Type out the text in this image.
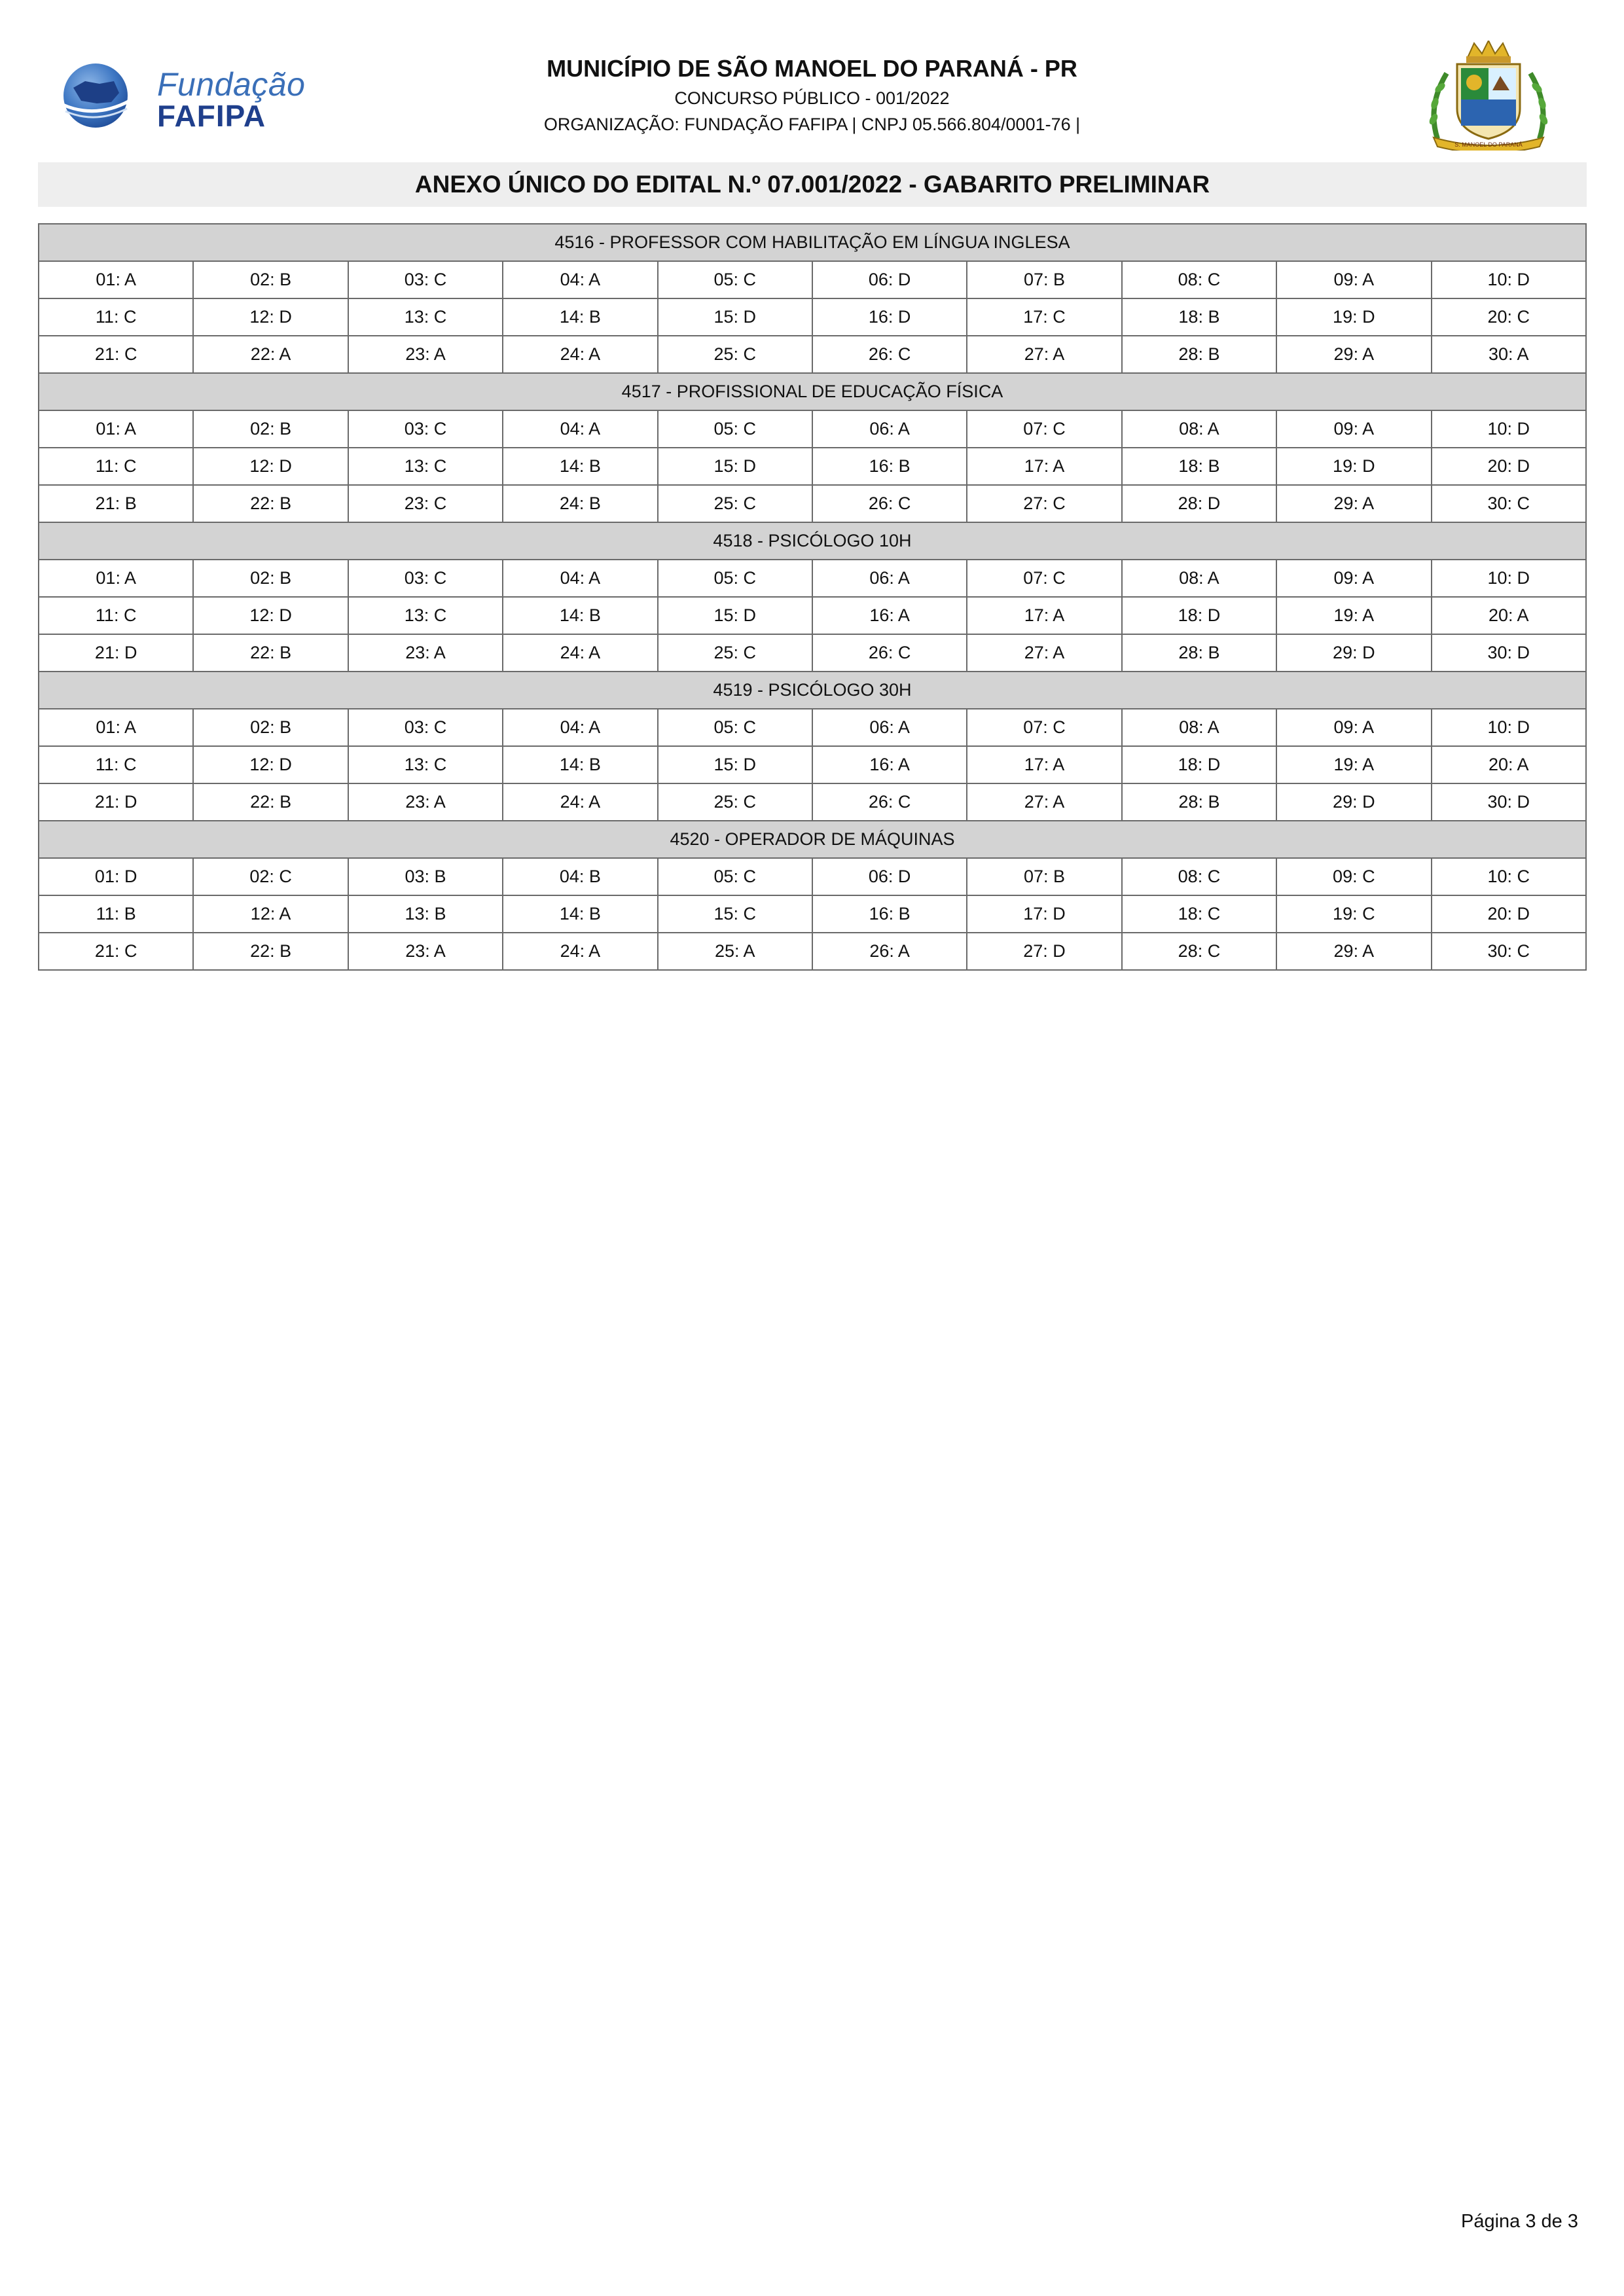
Fundação
FAFIPA

MUNICÍPIO DE SÃO MANOEL DO PARANÁ - PR

CONCURSO PÚBLICO - 001/2022

ORGANIZAÇÃO: FUNDAÇÃO FAFIPA | CNPJ 05.566.804/0001-76 |

S. MANOEL DO PARANÁ
ANEXO ÚNICO DO EDITAL N.º 07.001/2022 - GABARITO PRELIMINAR
4516 - PROFESSOR COM HABILITAÇÃO EM LÍNGUA INGLESA									
01: A	02: B	03: C	04: A	05: C	06: D	07: B	08: C	09: A	10: D
11: C	12: D	13: C	14: B	15: D	16: D	17: C	18: B	19: D	20: C
21: C	22: A	23: A	24: A	25: C	26: C	27: A	28: B	29: A	30: A
4517 - PROFISSIONAL DE EDUCAÇÃO FÍSICA									
01: A	02: B	03: C	04: A	05: C	06: A	07: C	08: A	09: A	10: D
11: C	12: D	13: C	14: B	15: D	16: B	17: A	18: B	19: D	20: D
21: B	22: B	23: C	24: B	25: C	26: C	27: C	28: D	29: A	30: C
4518 - PSICÓLOGO 10H									
01: A	02: B	03: C	04: A	05: C	06: A	07: C	08: A	09: A	10: D
11: C	12: D	13: C	14: B	15: D	16: A	17: A	18: D	19: A	20: A
21: D	22: B	23: A	24: A	25: C	26: C	27: A	28: B	29: D	30: D
4519 - PSICÓLOGO 30H									
01: A	02: B	03: C	04: A	05: C	06: A	07: C	08: A	09: A	10: D
11: C	12: D	13: C	14: B	15: D	16: A	17: A	18: D	19: A	20: A
21: D	22: B	23: A	24: A	25: C	26: C	27: A	28: B	29: D	30: D
4520 - OPERADOR DE MÁQUINAS									
01: D	02: C	03: B	04: B	05: C	06: D	07: B	08: C	09: C	10: C
11: B	12: A	13: B	14: B	15: C	16: B	17: D	18: C	19: C	20: D
21: C	22: B	23: A	24: A	25: A	26: A	27: D	28: C	29: A	30: C
Página 3 de 3
